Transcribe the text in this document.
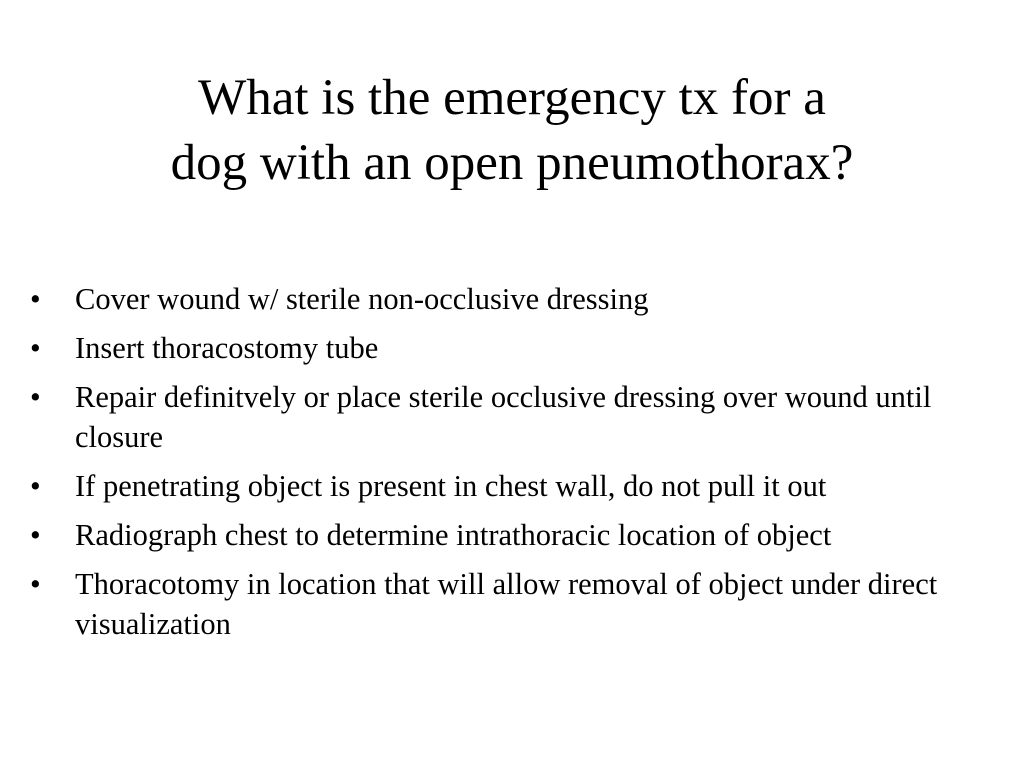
What is the emergency tx for a
dog with an open pneumothorax?
• Cover wound w/ sterile non-occlusive dressing
• Insert thoracostomy tube
• Repair definitvely or place sterile occlusive dressing over wound until closure
• If penetrating object is present in chest wall, do not pull it out
• Radiograph chest to determine intrathoracic location of object
• Thoracotomy in location that will allow removal of object under direct visualization
